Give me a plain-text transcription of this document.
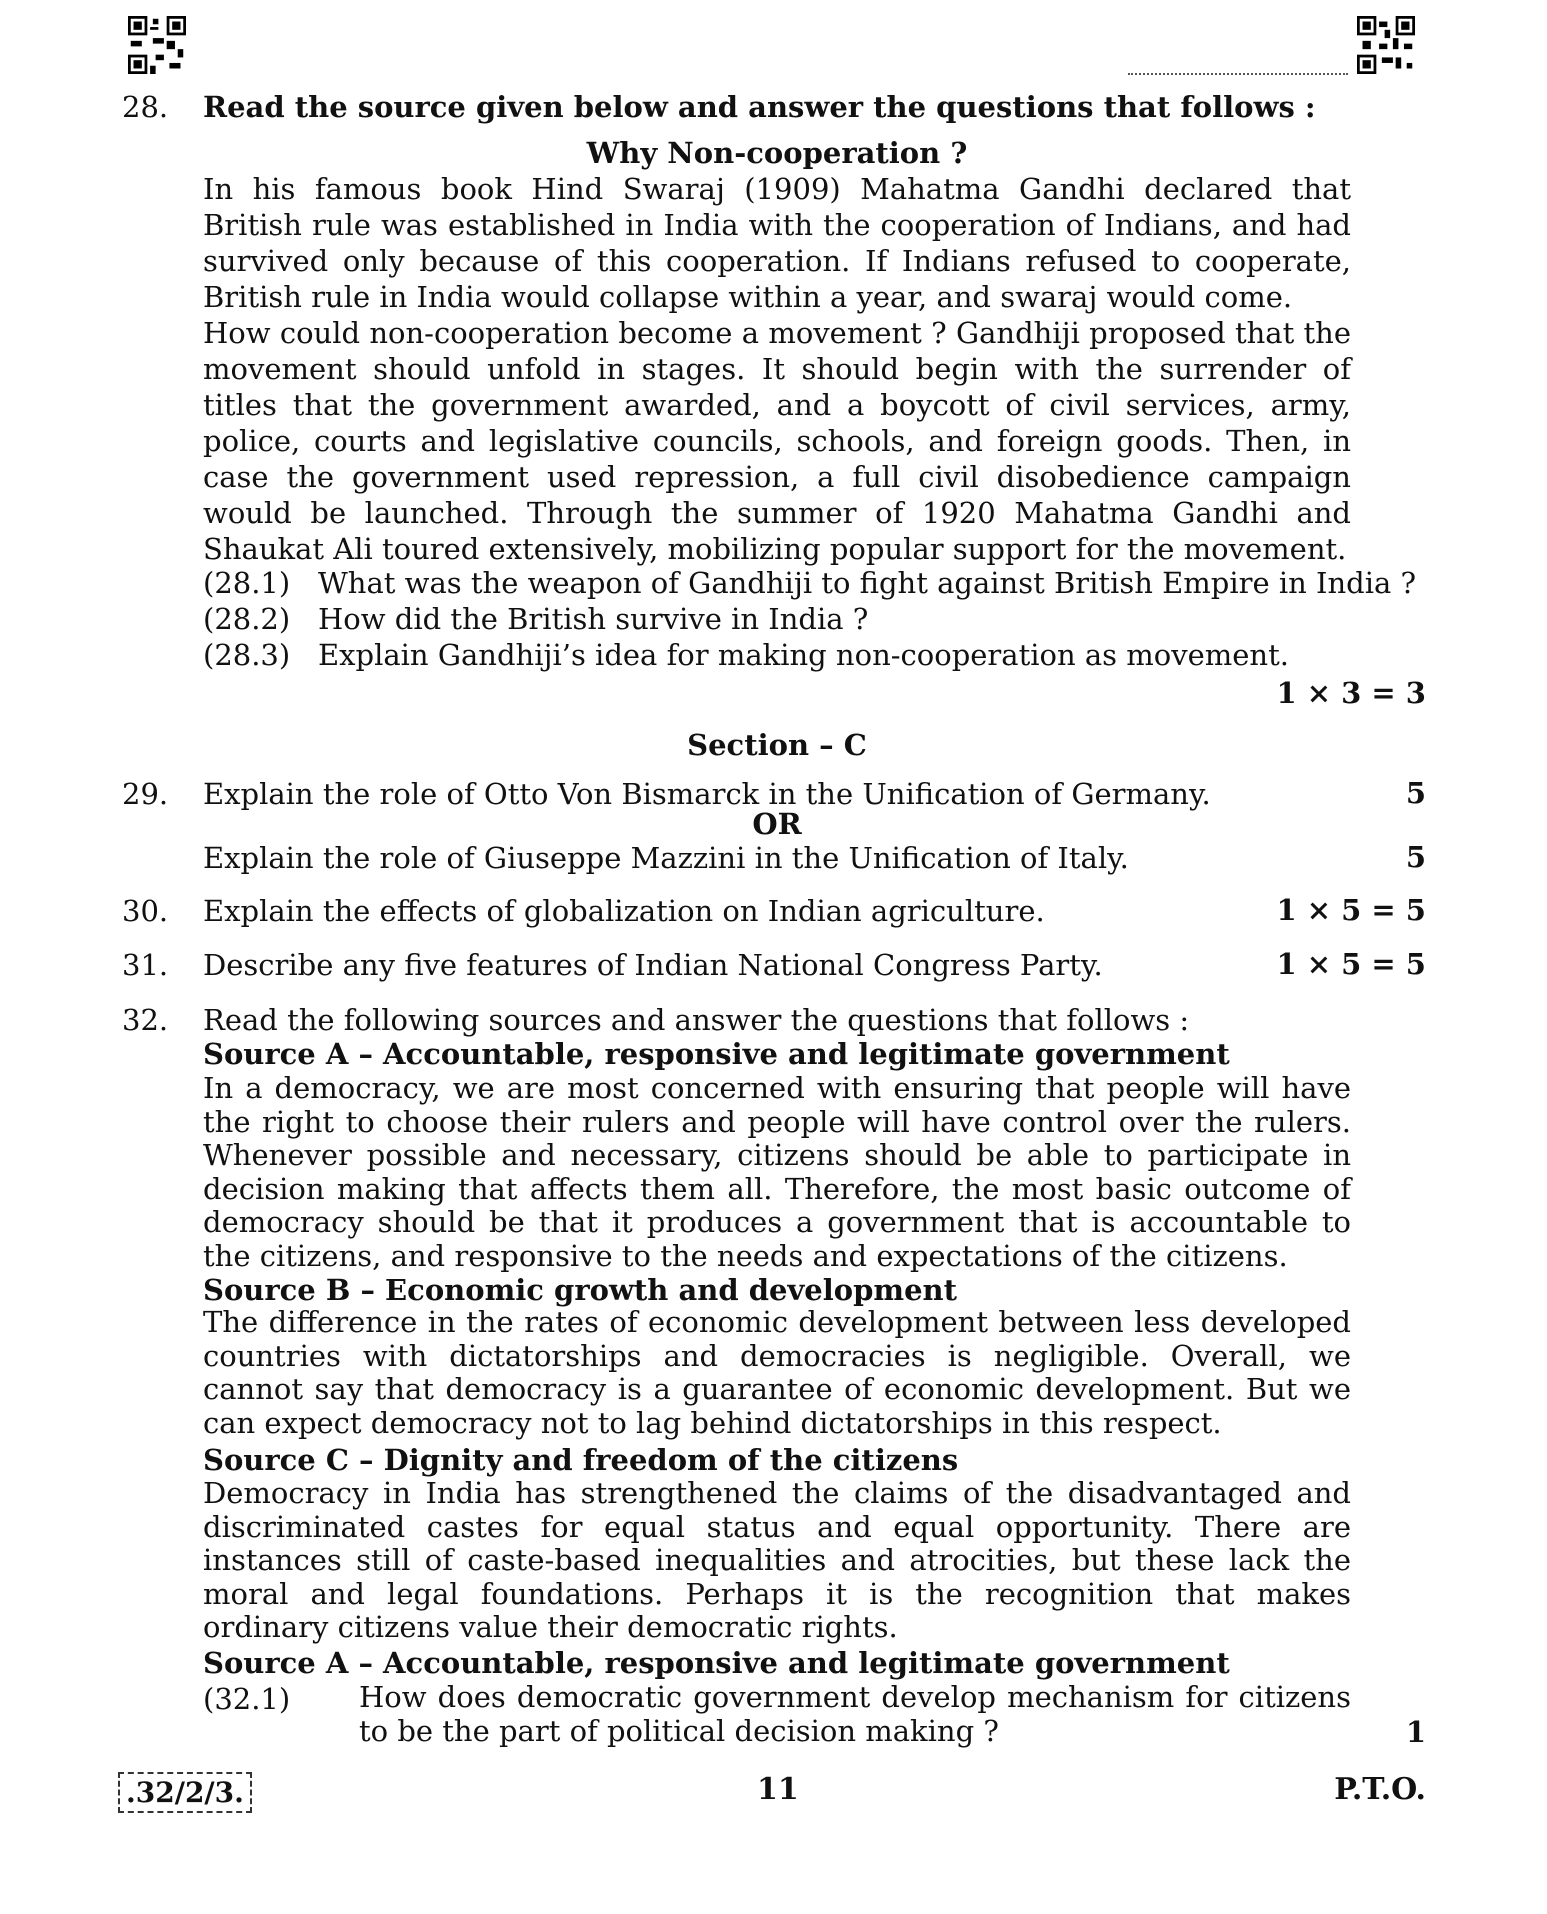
28. Read the source given below and answer the questions that follows :
Why Non-cooperation ?
In his famous book Hind Swaraj (1909) Mahatma Gandhi declared that British rule was established in India with the cooperation of Indians, and had survived only because of this cooperation. If Indians refused to cooperate, British rule in India would collapse within a year, and swaraj would come.
How could non-cooperation become a movement ? Gandhiji proposed that the movement should unfold in stages. It should begin with the surrender of titles that the government awarded, and a boycott of civil services, army, police, courts and legislative councils, schools, and foreign goods. Then, in case the government used repression, a full civil disobedience campaign would be launched. Through the summer of 1920 Mahatma Gandhi and Shaukat Ali toured extensively, mobilizing popular support for the movement.
(28.1) What was the weapon of Gandhiji to fight against British Empire in India ?
(28.2) How did the British survive in India ?
(28.3) Explain Gandhiji’s idea for making non-cooperation as movement.
1 × 3 = 3
Section – C
29. Explain the role of Otto Von Bismarck in the Unification of Germany.	5
OR
Explain the role of Giuseppe Mazzini in the Unification of Italy.	5
30. Explain the effects of globalization on Indian agriculture.	1 × 5 = 5
31. Describe any five features of Indian National Congress Party.	1 × 5 = 5
32. Read the following sources and answer the questions that follows :
Source A – Accountable, responsive and legitimate government
In a democracy, we are most concerned with ensuring that people will have the right to choose their rulers and people will have control over the rulers. Whenever possible and necessary, citizens should be able to participate in decision making that affects them all. Therefore, the most basic outcome of democracy should be that it produces a government that is accountable to the citizens, and responsive to the needs and expectations of the citizens.
Source B – Economic growth and development
The difference in the rates of economic development between less developed countries with dictatorships and democracies is negligible. Overall, we cannot say that democracy is a guarantee of economic development. But we can expect democracy not to lag behind dictatorships in this respect.
Source C – Dignity and freedom of the citizens
Democracy in India has strengthened the claims of the disadvantaged and discriminated castes for equal status and equal opportunity. There are instances still of caste-based inequalities and atrocities, but these lack the moral and legal foundations. Perhaps it is the recognition that makes ordinary citizens value their democratic rights.
Source A – Accountable, responsive and legitimate government
(32.1) How does democratic government develop mechanism for citizens to be the part of political decision making ?	1
.32/2/3.	11	P.T.O.
